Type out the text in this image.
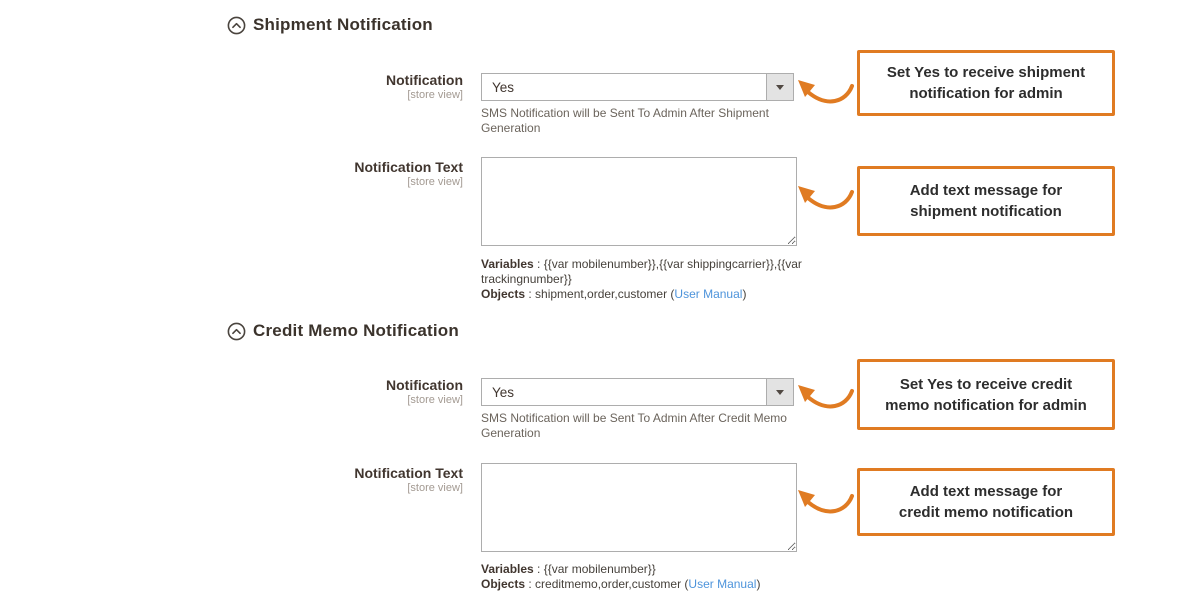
Shipment Notification
Notification
[store view]
Yes
SMS Notification will be Sent To Admin After Shipment Generation
Set Yes to receive shipment
notification for admin
Notification Text
[store view]
Variables : {{var mobilenumber}},{{var shippingcarrier}},{{var trackingnumber}}
Objects : shipment,order,customer (User Manual)
Add text message for
shipment notification
Credit Memo Notification
Notification
[store view]
Yes
SMS Notification will be Sent To Admin After Credit Memo Generation
Set Yes to receive credit
memo notification for admin
Notification Text
[store view]
Variables : {{var mobilenumber}}
Objects : creditmemo,order,customer (User Manual)
Add text message for
credit memo notification
